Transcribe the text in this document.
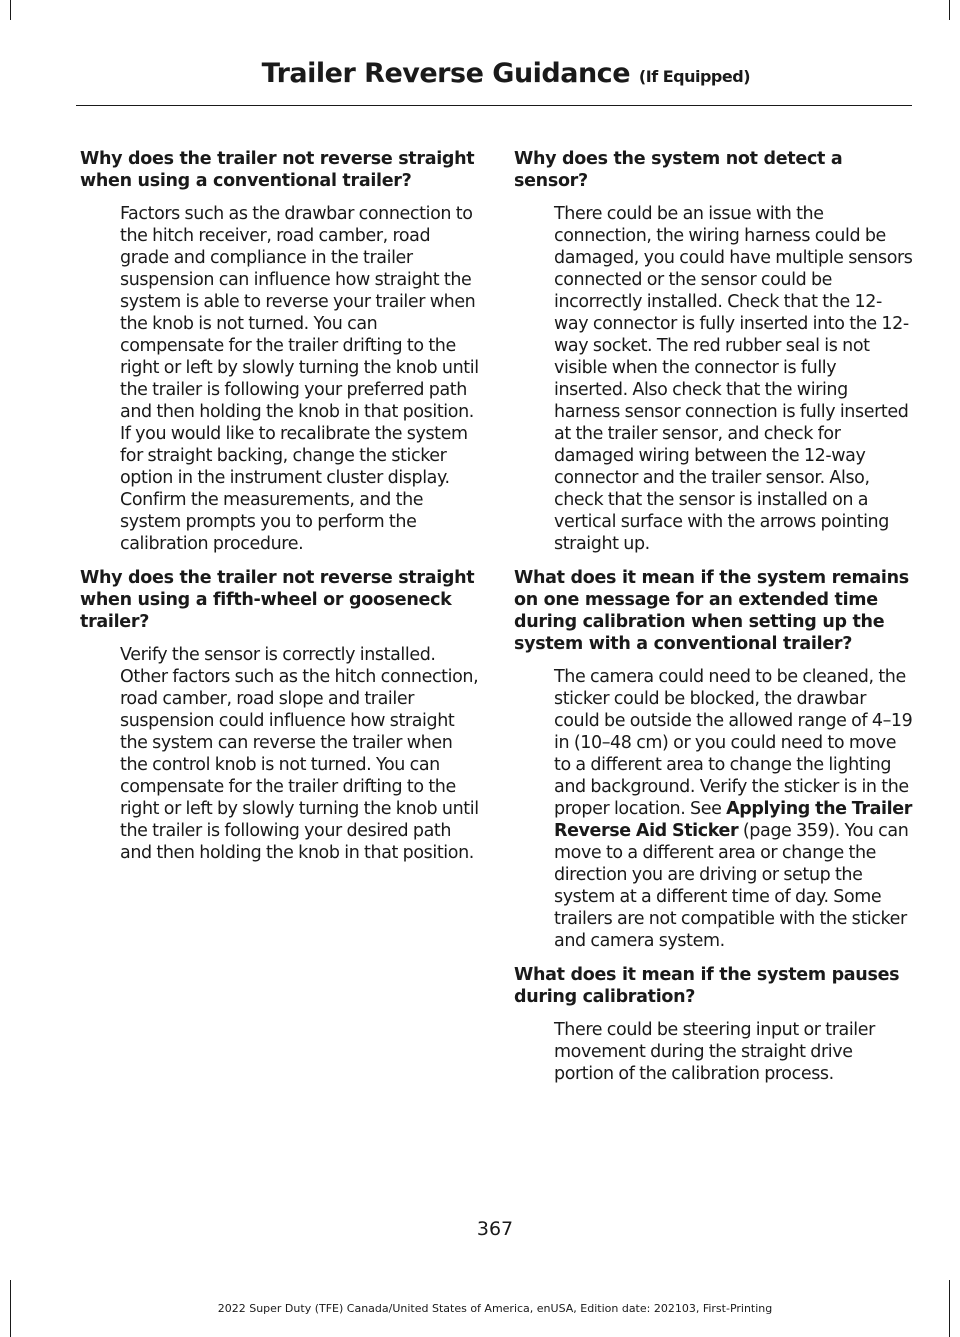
Trailer Reverse Guidance (If Equipped)

Why does the trailer not reverse straight when using a conventional trailer?

Factors such as the drawbar connection to the hitch receiver, road camber, road grade and compliance in the trailer suspension can influence how straight the system is able to reverse your trailer when the knob is not turned. You can compensate for the trailer drifting to the right or left by slowly turning the knob until the trailer is following your preferred path and then holding the knob in that position. If you would like to recalibrate the system for straight backing, change the sticker option in the instrument cluster display. Confirm the measurements, and the system prompts you to perform the calibration procedure.

Why does the trailer not reverse straight when using a fifth-wheel or gooseneck trailer?

Verify the sensor is correctly installed. Other factors such as the hitch connection, road camber, road slope and trailer suspension could influence how straight the system can reverse the trailer when the control knob is not turned. You can compensate for the trailer drifting to the right or left by slowly turning the knob until the trailer is following your desired path and then holding the knob in that position.

Why does the system not detect a sensor?

There could be an issue with the connection, the wiring harness could be damaged, you could have multiple sensors connected or the sensor could be incorrectly installed. Check that the 12-way connector is fully inserted into the 12-way socket. The red rubber seal is not visible when the connector is fully inserted. Also check that the wiring harness sensor connection is fully inserted at the trailer sensor, and check for damaged wiring between the 12-way connector and the trailer sensor. Also, check that the sensor is installed on a vertical surface with the arrows pointing straight up.

What does it mean if the system remains on one message for an extended time during calibration when setting up the system with a conventional trailer?

The camera could need to be cleaned, the sticker could be blocked, the drawbar could be outside the allowed range of 4–19 in (10–48 cm) or you could need to move to a different area to change the lighting and background. Verify the sticker is in the proper location. See Applying the Trailer Reverse Aid Sticker (page 359). You can move to a different area or change the direction you are driving or setup the system at a different time of day. Some trailers are not compatible with the sticker and camera system.

What does it mean if the system pauses during calibration?

There could be steering input or trailer movement during the straight drive portion of the calibration process.

367
2022 Super Duty (TFE) Canada/United States of America, enUSA, Edition date: 202103, First-Printing
